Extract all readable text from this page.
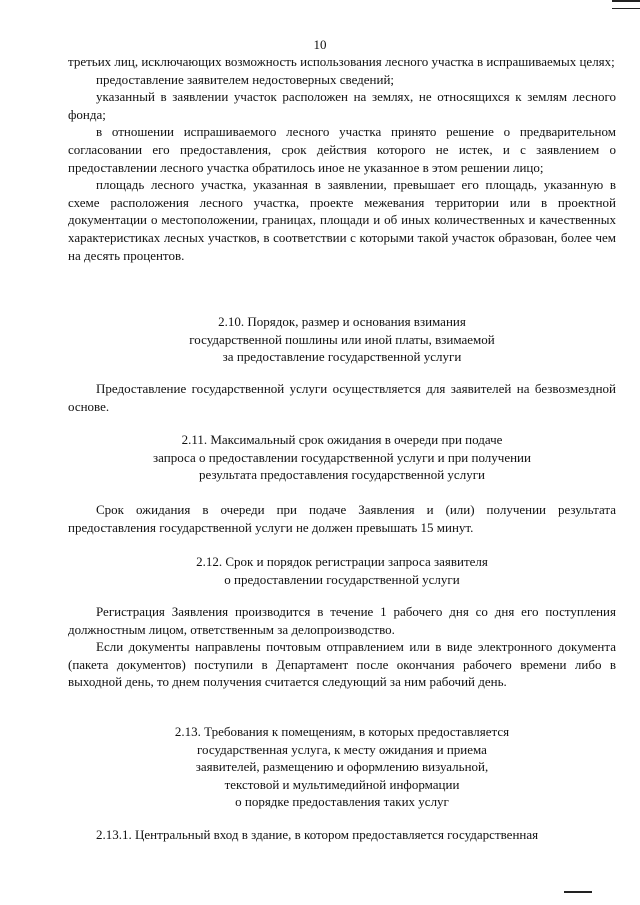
10

третьих лиц, исключающих возможность использования лесного участка в испрашиваемых целях;

предоставление заявителем недостоверных сведений;

указанный в заявлении участок расположен на землях, не относящихся к землям лесного фонда;

в отношении испрашиваемого лесного участка принято решение о предварительном согласовании его предоставления, срок действия которого не истек, и с заявлением о предоставлении лесного участка обратилось иное не указанное в этом решении лицо;

площадь лесного участка, указанная в заявлении, превышает его площадь, указанную в схеме расположения лесного участка, проекте межевания территории или в проектной документации о местоположении, границах, площади и об иных количественных и качественных характеристиках лесных участков, в соответствии с которыми такой участок образован, более чем на десять процентов.

2.10. Порядок, размер и основания взимания
государственной пошлины или иной платы, взимаемой
за предоставление государственной услуги

Предоставление государственной услуги осуществляется для заявителей на безвозмездной основе.

2.11. Максимальный срок ожидания в очереди при подаче
запроса о предоставлении государственной услуги и при получении
результата предоставления государственной услуги

Срок ожидания в очереди при подаче Заявления и (или) получении результата предоставления государственной услуги не должен превышать 15 минут.

2.12. Срок и порядок регистрации запроса заявителя
о предоставлении государственной услуги

Регистрация Заявления производится в течение 1 рабочего дня со дня его поступления должностным лицом, ответственным за делопроизводство.

Если документы направлены почтовым отправлением или в виде электронного документа (пакета документов) поступили в Департамент после окончания рабочего времени либо в выходной день, то днем получения считается следующий за ним рабочий день.

2.13. Требования к помещениям, в которых предоставляется
государственная услуга, к месту ожидания и приема
заявителей, размещению и оформлению визуальной,
текстовой и мультимедийной информации
о порядке предоставления таких услуг

2.13.1. Центральный вход в здание, в котором предоставляется государственная
